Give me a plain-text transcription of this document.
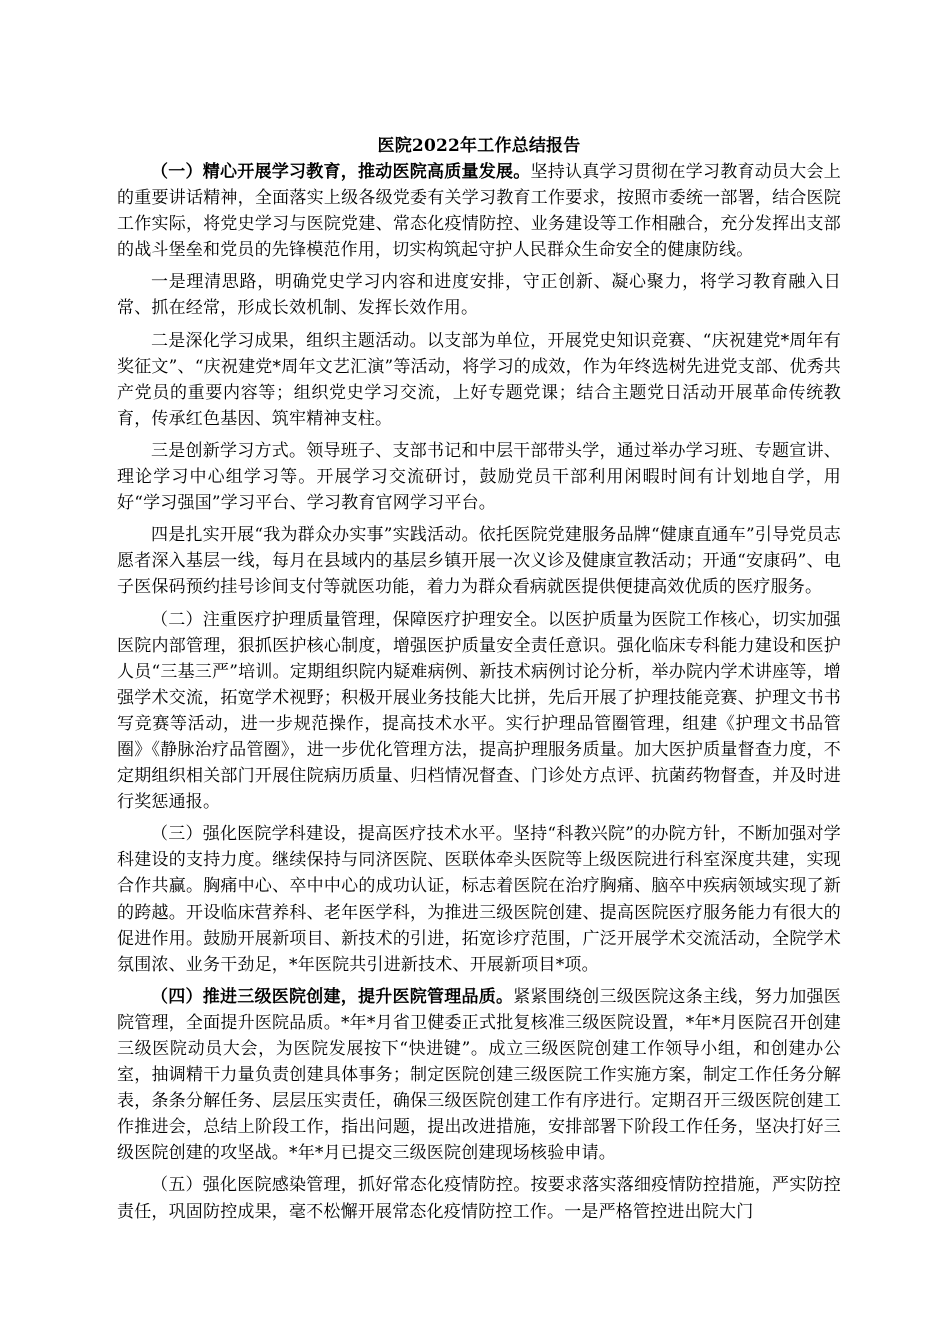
医院2022年工作总结报告

（一）精心开展学习教育，推动医院高质量发展。坚持认真学习贯彻在学习教育动员大会上的重要讲话精神，全面落实上级各级党委有关学习教育工作要求，按照市委统一部署，结合医院工作实际，将党史学习与医院党建、常态化疫情防控、业务建设等工作相融合，充分发挥出支部的战斗堡垒和党员的先锋模范作用，切实构筑起守护人民群众生命安全的健康防线。

一是理清思路，明确党史学习内容和进度安排，守正创新、凝心聚力，将学习教育融入日常、抓在经常，形成长效机制、发挥长效作用。

二是深化学习成果，组织主题活动。以支部为单位，开展党史知识竞赛、“庆祝建党*周年有奖征文”、“庆祝建党*周年文艺汇演”等活动，将学习的成效，作为年终选树先进党支部、优秀共产党员的重要内容等；组织党史学习交流，上好专题党课；结合主题党日活动开展革命传统教育，传承红色基因、筑牢精神支柱。

三是创新学习方式。领导班子、支部书记和中层干部带头学，通过举办学习班、专题宣讲、理论学习中心组学习等。开展学习交流研讨，鼓励党员干部利用闲暇时间有计划地自学，用好“学习强国”学习平台、学习教育官网学习平台。

四是扎实开展“我为群众办实事”实践活动。依托医院党建服务品牌“健康直通车”引导党员志愿者深入基层一线，每月在县域内的基层乡镇开展一次义诊及健康宣教活动；开通“安康码”、电子医保码预约挂号诊间支付等就医功能，着力为群众看病就医提供便捷高效优质的医疗服务。

（二）注重医疗护理质量管理，保障医疗护理安全。以医护质量为医院工作核心，切实加强医院内部管理，狠抓医护核心制度，增强医护质量安全责任意识。强化临床专科能力建设和医护人员“三基三严”培训。定期组织院内疑难病例、新技术病例讨论分析，举办院内学术讲座等，增强学术交流，拓宽学术视野；积极开展业务技能大比拼，先后开展了护理技能竞赛、护理文书书写竞赛等活动，进一步规范操作，提高技术水平。实行护理品管圈管理，组建《护理文书品管圈》《静脉治疗品管圈》，进一步优化管理方法，提高护理服务质量。加大医护质量督查力度，不定期组织相关部门开展住院病历质量、归档情况督查、门诊处方点评、抗菌药物督查，并及时进行奖惩通报。

（三）强化医院学科建设，提高医疗技术水平。坚持“科教兴院”的办院方针，不断加强对学科建设的支持力度。继续保持与同济医院、医联体牵头医院等上级医院进行科室深度共建，实现合作共赢。胸痛中心、卒中中心的成功认证，标志着医院在治疗胸痛、脑卒中疾病领域实现了新的跨越。开设临床营养科、老年医学科，为推进三级医院创建、提高医院医疗服务能力有很大的促进作用。鼓励开展新项目、新技术的引进，拓宽诊疗范围，广泛开展学术交流活动，全院学术氛围浓、业务干劲足，*年医院共引进新技术、开展新项目*项。

（四）推进三级医院创建，提升医院管理品质。紧紧围绕创三级医院这条主线，努力加强医院管理，全面提升医院品质。*年*月省卫健委正式批复核准三级医院设置，*年*月医院召开创建三级医院动员大会，为医院发展按下“快进键”。成立三级医院创建工作领导小组，和创建办公室，抽调精干力量负责创建具体事务；制定医院创建三级医院工作实施方案，制定工作任务分解表，条条分解任务、层层压实责任，确保三级医院创建工作有序进行。定期召开三级医院创建工作推进会，总结上阶段工作，指出问题，提出改进措施，安排部署下阶段工作任务，坚决打好三级医院创建的攻坚战。*年*月已提交三级医院创建现场核验申请。

（五）强化医院感染管理，抓好常态化疫情防控。按要求落实落细疫情防控措施，严实防控责任，巩固防控成果，毫不松懈开展常态化疫情防控工作。一是严格管控进出院大门
